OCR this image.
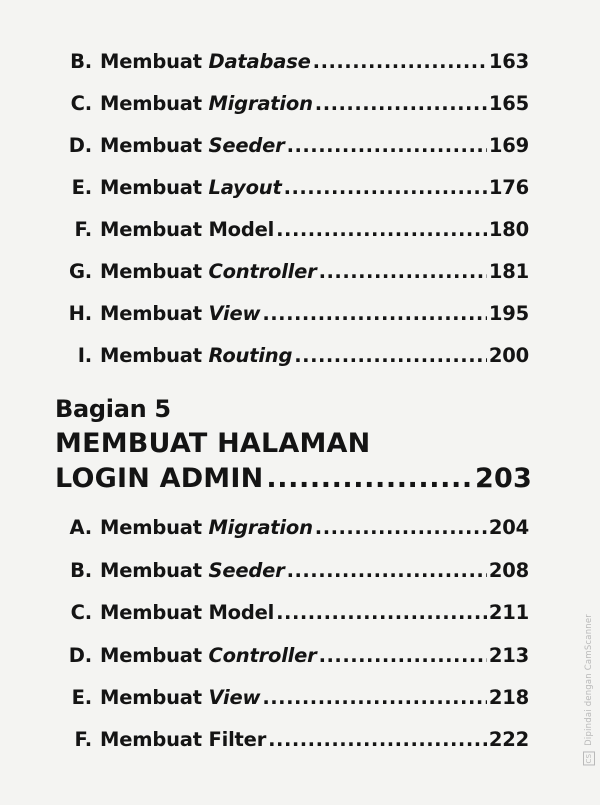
B. Membuat Database .....	163
C. Membuat Migration .....	165
D. Membuat Seeder .....	169
E. Membuat Layout .....	176
F. Membuat Model .....	180
G. Membuat Controller .....	181
H. Membuat View .....	195
I. Membuat Routing .....	200
Bagian 5
MEMBUAT HALAMAN
LOGIN ADMIN .....	203
A. Membuat Migration .....	204
B. Membuat Seeder .....	208
C. Membuat Model .....	211
D. Membuat Controller .....	213
E. Membuat View .....	218
F. Membuat Filter .....	222
CS Dipindai dengan CamScanner
